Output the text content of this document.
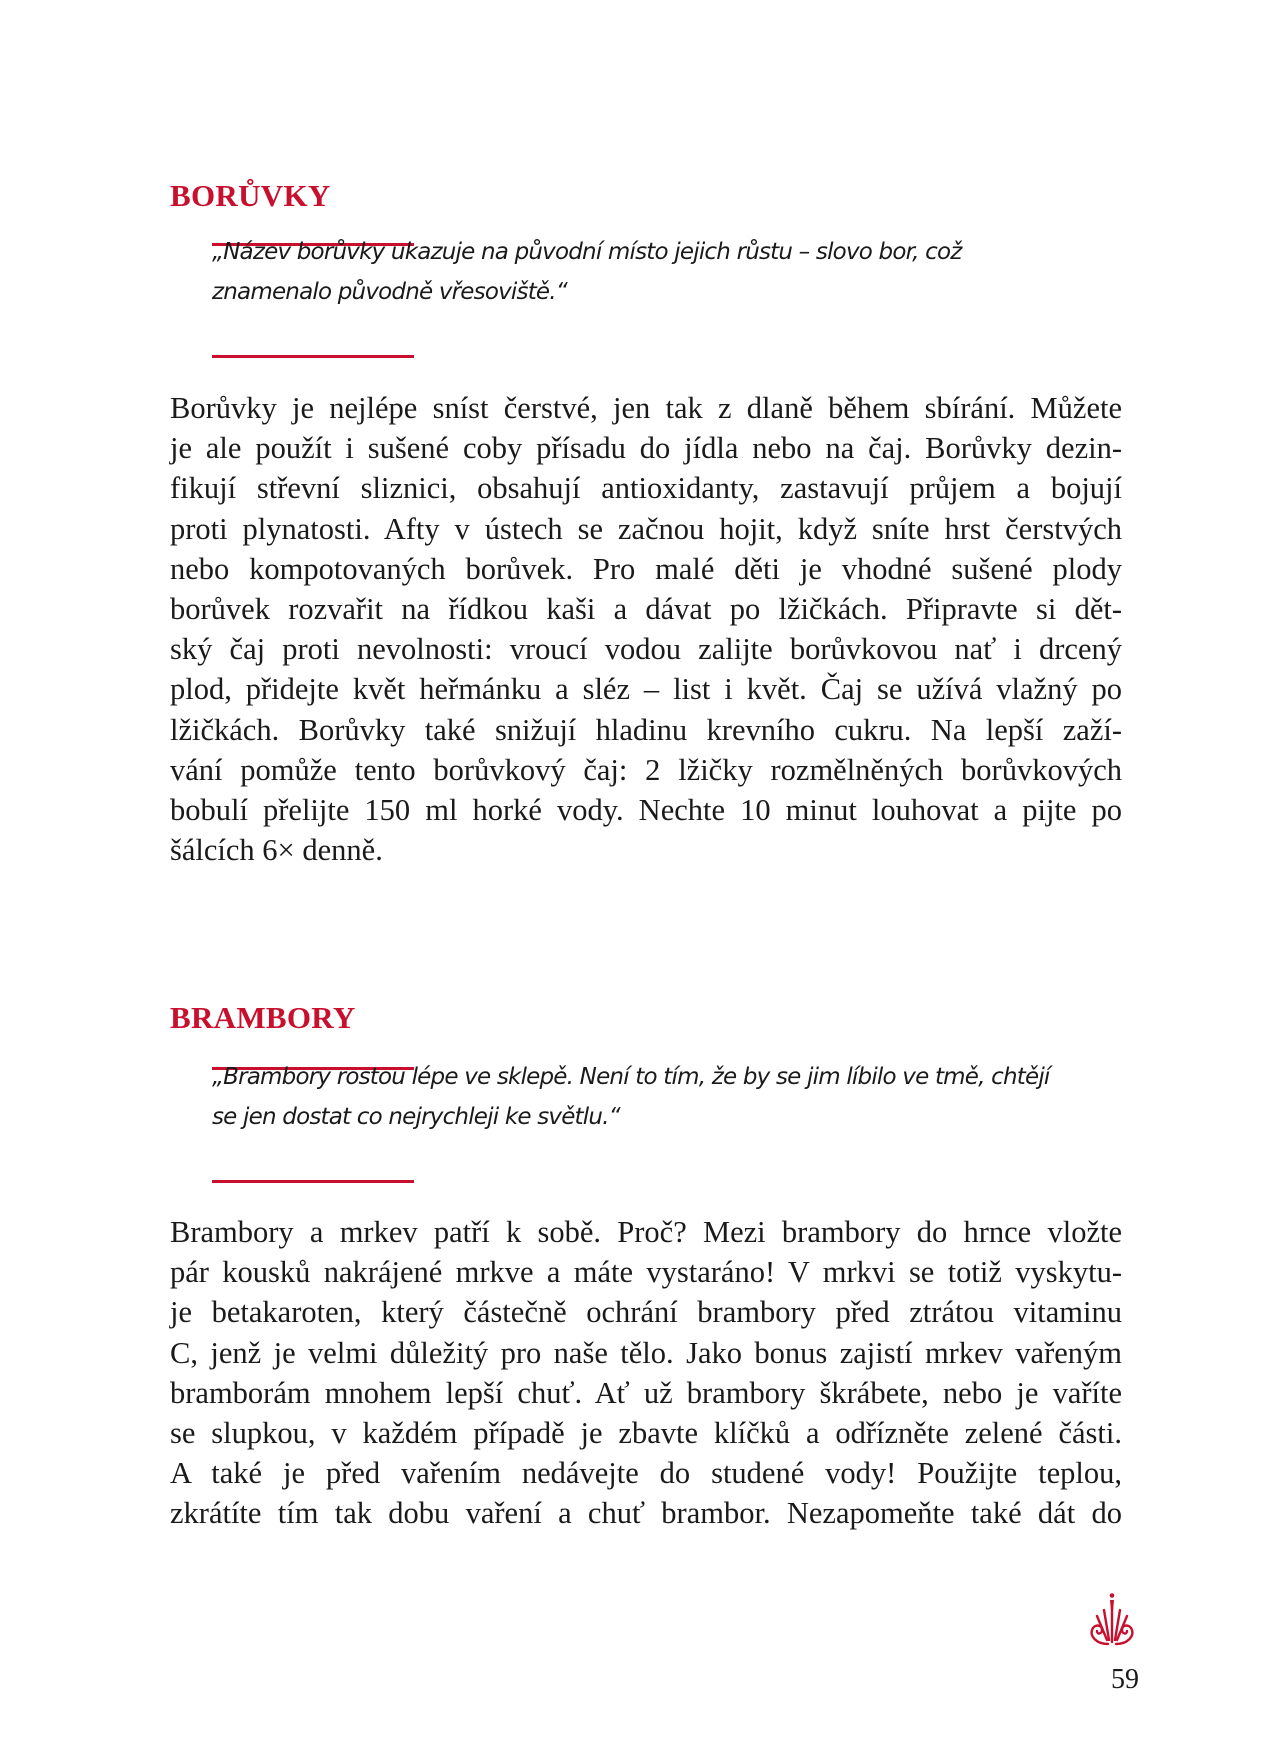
BORŮVKY
„Název borůvky ukazuje na původní místo jejich růstu – slovo bor, což
znamenalo původně vřesoviště.“
Borůvky je nejlépe sníst čerstvé, jen tak z dlaně během sbírání. Můžete
je ale použít i sušené coby přísadu do jídla nebo na čaj. Borůvky dezin-
fikují střevní sliznici, obsahují antioxidanty, zastavují průjem a bojují
proti plynatosti. Afty v ústech se začnou hojit, když sníte hrst čerstvých
nebo kompotovaných borůvek. Pro malé děti je vhodné sušené plody
borůvek rozvařit na řídkou kaši a dávat po lžičkách. Připravte si dět-
ský čaj proti nevolnosti: vroucí vodou zalijte borůvkovou nať i drcený
plod, přidejte květ heřmánku a sléz – list i květ. Čaj se užívá vlažný po
lžičkách. Borůvky také snižují hladinu krevního cukru. Na lepší zaží-
vání pomůže tento borůvkový čaj: 2 lžičky rozmělněných borůvkových
bobulí přelijte 150 ml horké vody. Nechte 10 minut louhovat a pijte po
šálcích 6× denně.
BRAMBORY
„Brambory rostou lépe ve sklepě. Není to tím, že by se jim líbilo ve tmě, chtějí
se jen dostat co nejrychleji ke světlu.“
Brambory a mrkev patří k sobě. Proč? Mezi brambory do hrnce vložte
pár kousků nakrájené mrkve a máte vystaráno! V mrkvi se totiž vyskytu-
je betakaroten, který částečně ochrání brambory před ztrátou vitaminu
C, jenž je velmi důležitý pro naše tělo. Jako bonus zajistí mrkev vařeným
bramborám mnohem lepší chuť. Ať už brambory škrábete, nebo je vaříte
se slupkou, v každém případě je zbavte klíčků a odřízněte zelené části.
A také je před vařením nedávejte do studené vody! Použijte teplou,
zkrátíte tím tak dobu vaření a chuť brambor. Nezapomeňte také dát do
59
